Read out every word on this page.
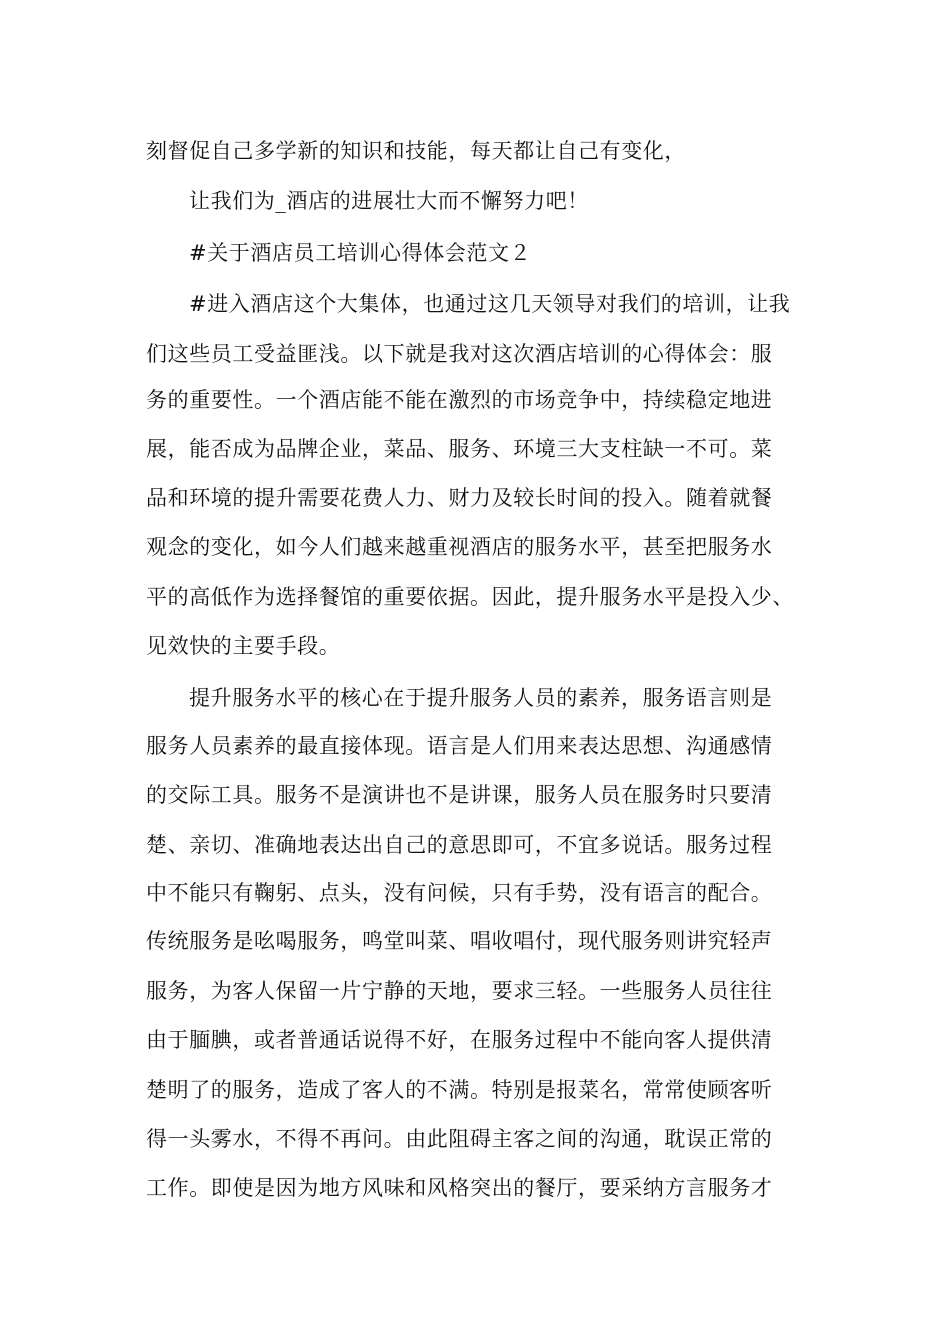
刻督促自己多学新的知识和技能，每天都让自己有变化，
让我们为_酒店的进展壮大而不懈努力吧！
#关于酒店员工培训心得体会范文２
#进入酒店这个大集体，也通过这几天领导对我们的培训，让我
们这些员工受益匪浅。以下就是我对这次酒店培训的心得体会：服
务的重要性。一个酒店能不能在激烈的市场竞争中，持续稳定地进
展，能否成为品牌企业，菜品、服务、环境三大支柱缺一不可。菜
品和环境的提升需要花费人力、财力及较长时间的投入。随着就餐
观念的变化，如今人们越来越重视酒店的服务水平，甚至把服务水
平的高低作为选择餐馆的重要依据。因此，提升服务水平是投入少、
见效快的主要手段。
提升服务水平的核心在于提升服务人员的素养，服务语言则是
服务人员素养的最直接体现。语言是人们用来表达思想、沟通感情
的交际工具。服务不是演讲也不是讲课，服务人员在服务时只要清
楚、亲切、准确地表达出自己的意思即可，不宜多说话。服务过程
中不能只有鞠躬、点头，没有问候，只有手势，没有语言的配合。
传统服务是吆喝服务，鸣堂叫菜、唱收唱付，现代服务则讲究轻声
服务，为客人保留一片宁静的天地，要求三轻。一些服务人员往往
由于腼腆，或者普通话说得不好，在服务过程中不能向客人提供清
楚明了的服务，造成了客人的不满。特别是报菜名，常常使顾客听
得一头雾水，不得不再问。由此阻碍主客之间的沟通，耽误正常的
工作。即使是因为地方风味和风格突出的餐厅，要采纳方言服务才
